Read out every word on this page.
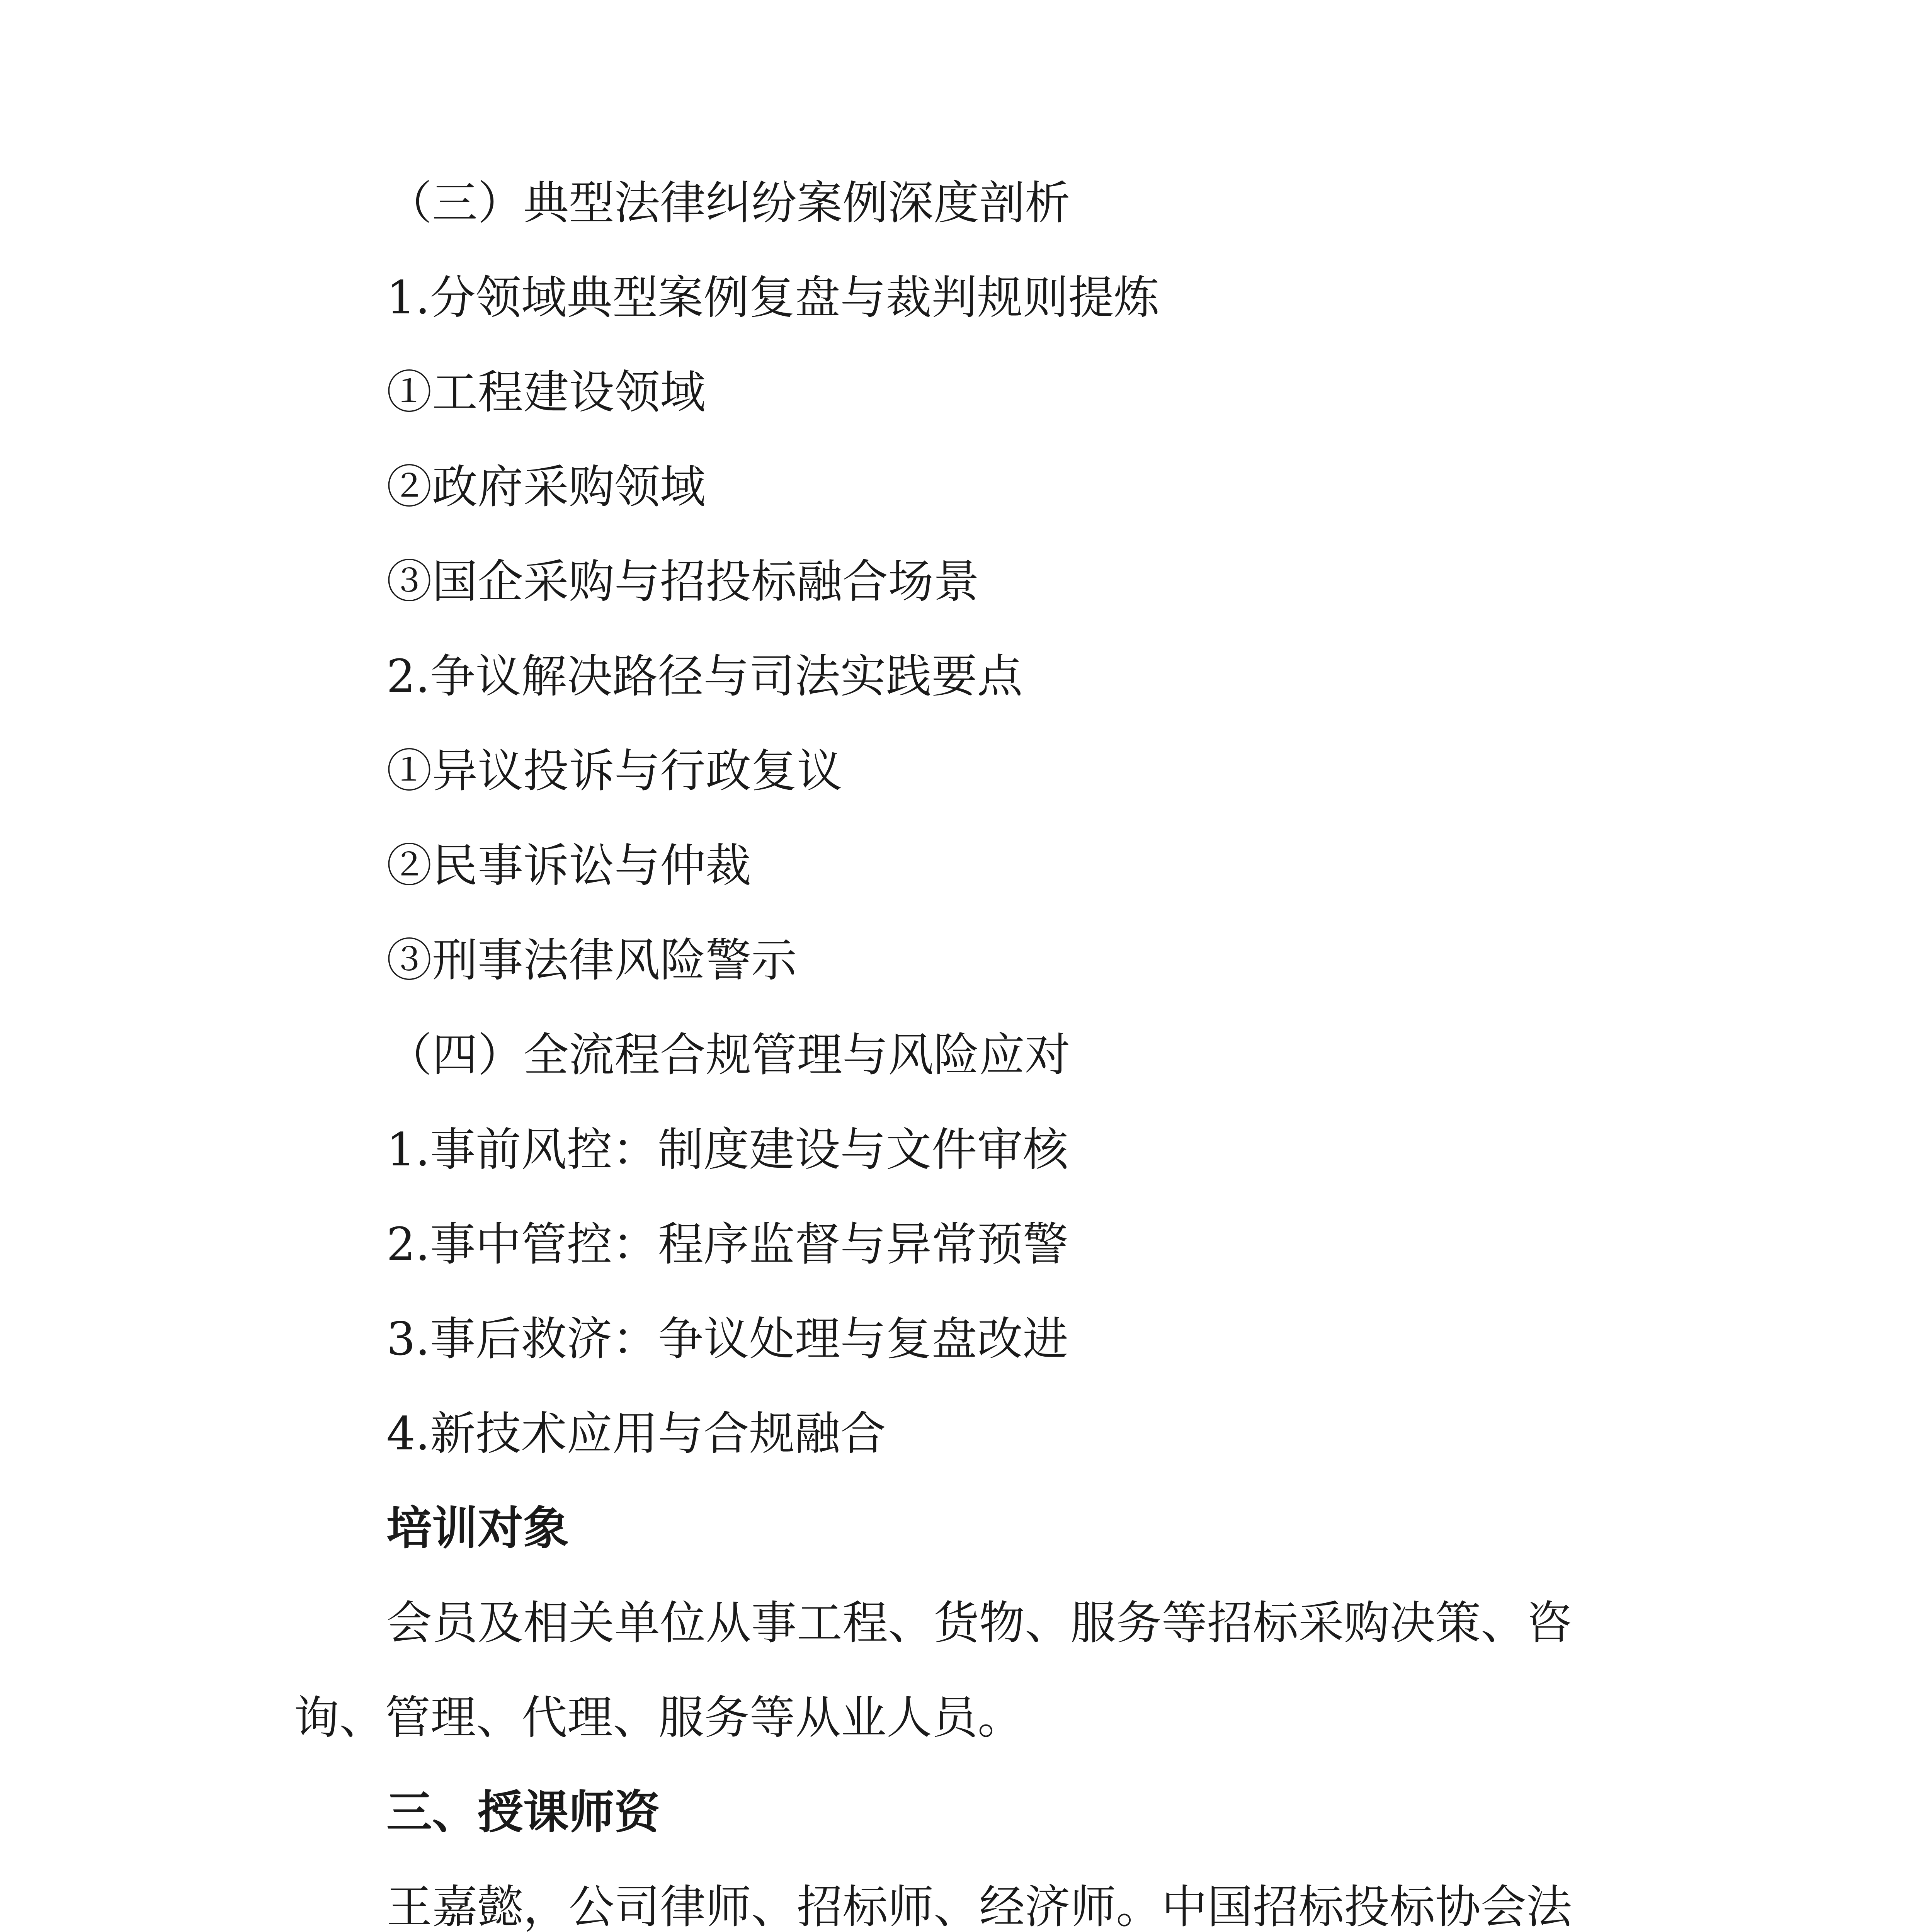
（三）典型法律纠纷案例深度剖析
1.分领域典型案例复盘与裁判规则提炼
①工程建设领域
②政府采购领域
③国企采购与招投标融合场景
2.争议解决路径与司法实践要点
①异议投诉与行政复议
②民事诉讼与仲裁
③刑事法律风险警示
（四）全流程合规管理与风险应对
1.事前风控：制度建设与文件审核
2.事中管控：程序监督与异常预警
3.事后救济：争议处理与复盘改进
4.新技术应用与合规融合
培训对象
会员及相关单位从事工程、货物、服务等招标采购决策、咨
询、管理、代理、服务等从业人员。
三、授课师资
王嘉懿，公司律师、招标师、经济师。中国招标投标协会法
